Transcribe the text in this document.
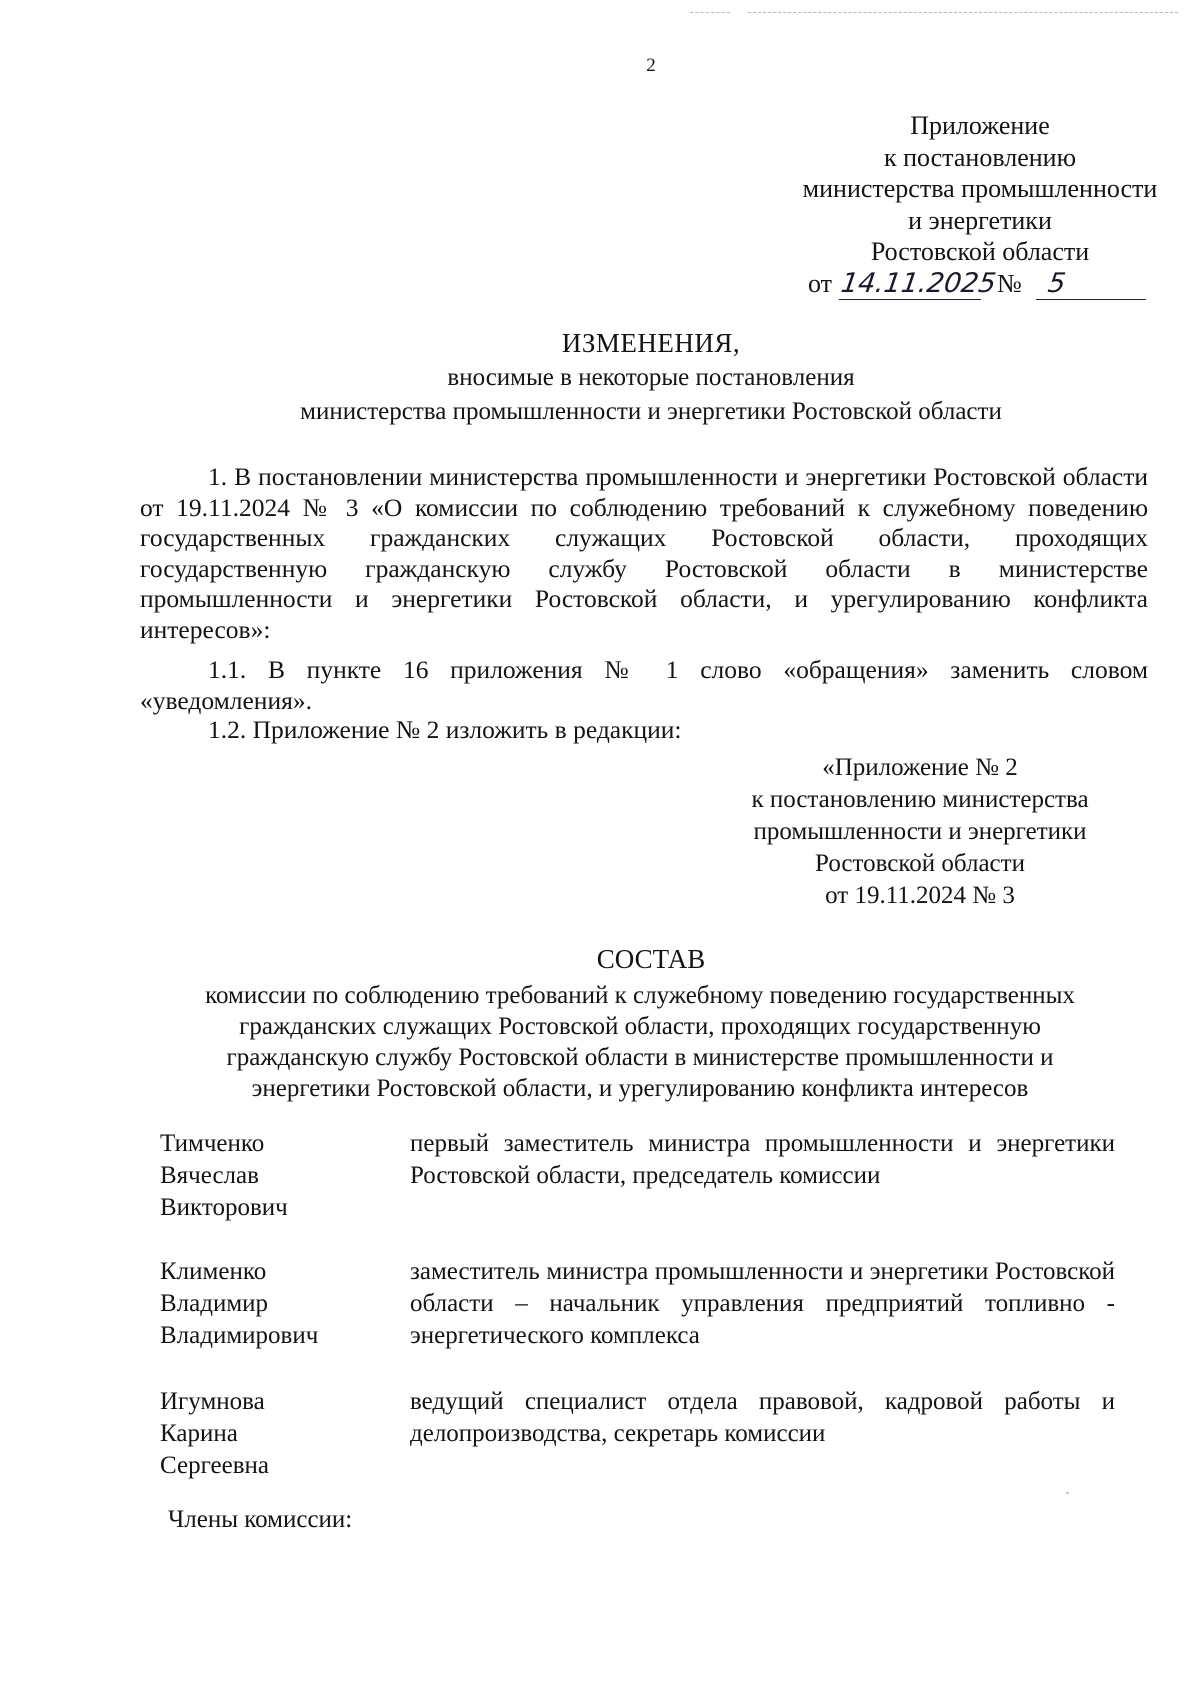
2
Приложение
к постановлению
министерства промышленности
и энергетики
Ростовской области
от 14.11.2025 № 5
ИЗМЕНЕНИЯ,
вносимые в некоторые постановления
министерства промышленности и энергетики Ростовской области
1. В постановлении министерства промышленности и энергетики Ростовской области от 19.11.2024 № 3 «О комиссии по соблюдению требований к служебному поведению государственных гражданских служащих Ростовской области, проходящих государственную гражданскую службу Ростовской области в министерстве промышленности и энергетики Ростовской области, и урегулированию конфликта интересов»:
1.1. В пункте 16 приложения № 1 слово «обращения» заменить словом «уведомления».
1.2. Приложение № 2 изложить в редакции:
«Приложение № 2
к постановлению министерства
промышленности и энергетики
Ростовской области
от 19.11.2024 № 3
СОСТАВ
комиссии по соблюдению требований к служебному поведению государственных
гражданских служащих Ростовской области, проходящих государственную
гражданскую службу Ростовской области в министерстве промышленности и
энергетики Ростовской области, и урегулированию конфликта интересов
Тимченко
Вячеслав
Викторович
первый заместитель министра промышленности и энергетики Ростовской области, председатель комиссии
Клименко
Владимир
Владимирович
заместитель министра промышленности и энергетики Ростовской области – начальник управления предприятий топливно - энергетического комплекса
Игумнова
Карина
Сергеевна
ведущий специалист отдела правовой, кадровой работы и делопроизводства, секретарь комиссии
Члены комиссии:
